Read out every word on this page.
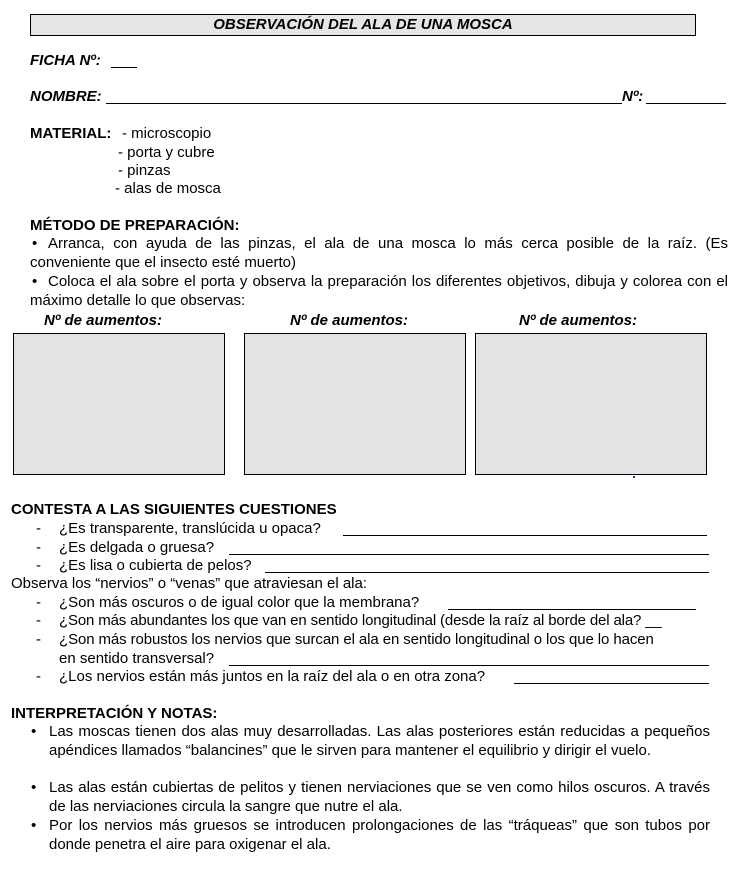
OBSERVACIÓN DEL ALA DE UNA MOSCA
FICHA Nº:
NOMBRE:	Nº:
MATERIAL: - microscopio
- porta y cubre
- pinzas
- alas de mosca
MÉTODO DE PREPARACIÓN:
• Arranca, con ayuda de las pinzas, el ala de una mosca lo más cerca posible de la raíz. (Es conveniente que el insecto esté muerto)
• Coloca el ala sobre el porta y observa la preparación los diferentes objetivos, dibuja y colorea con el máximo detalle lo que observas:
Nº de aumentos:	Nº de aumentos:	Nº de aumentos:
CONTESTA A LAS SIGUIENTES CUESTIONES
- ¿Es transparente, translúcida u opaca?
- ¿Es delgada o gruesa?
- ¿Es lisa o cubierta de pelos?
Observa los “nervios” o “venas” que atraviesan el ala:
- ¿Son más oscuros o de igual color que la membrana?
- ¿Son más abundantes los que van en sentido longitudinal (desde la raíz al borde del ala? __
- ¿Son más robustos los nervios que surcan el ala en sentido longitudinal o los que lo hacen
en sentido transversal?
- ¿Los nervios están más juntos en la raíz del ala o en otra zona?
INTERPRETACIÓN Y NOTAS:
• Las moscas tienen dos alas muy desarrolladas. Las alas posteriores están reducidas a pequeños apéndices llamados “balancines” que le sirven para mantener el equilibrio y dirigir el vuelo.
• Las alas están cubiertas de pelitos y tienen nerviaciones que se ven como hilos oscuros. A través de las nerviaciones circula la sangre que nutre el ala.
• Por los nervios más gruesos se introducen prolongaciones de las “tráqueas” que son tubos por donde penetra el aire para oxigenar el ala.
